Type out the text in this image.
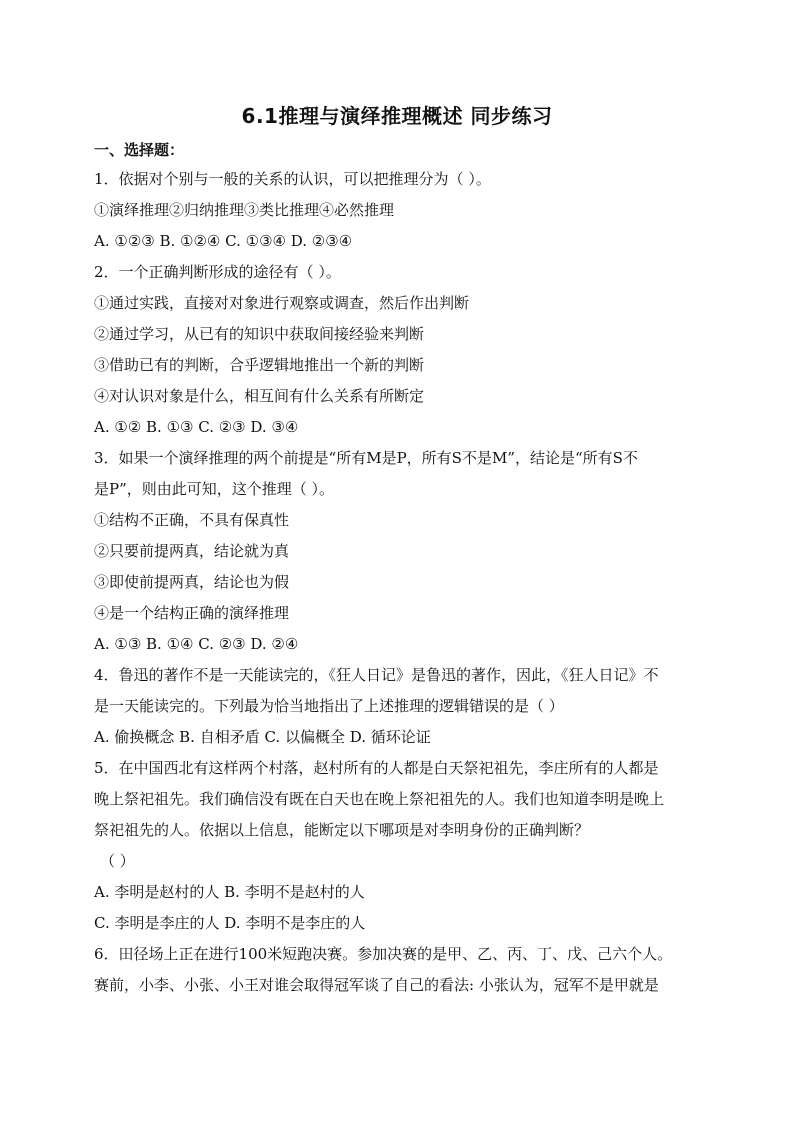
6.1推理与演绎推理概述 同步练习
一、选择题：
1．依据对个别与一般的关系的认识，可以把推理分为（ ）。
①演绎推理②归纳推理③类比推理④必然推理
A. ①②③ B. ①②④ C. ①③④ D. ②③④
2．一个正确判断形成的途径有（ ）。
①通过实践，直接对对象进行观察或调查，然后作出判断
②通过学习，从已有的知识中获取间接经验来判断
③借助已有的判断，合乎逻辑地推出一个新的判断
④对认识对象是什么，相互间有什么关系有所断定
A. ①② B. ①③ C. ②③ D. ③④
3．如果一个演绎推理的两个前提是“所有M是P，所有S不是M”，结论是“所有S不
是P”，则由此可知，这个推理（ ）。
①结构不正确，不具有保真性
②只要前提两真，结论就为真
③即使前提两真，结论也为假
④是一个结构正确的演绎推理
A. ①③ B. ①④ C. ②③ D. ②④
4．鲁迅的著作不是一天能读完的，《狂人日记》是鲁迅的著作，因此，《狂人日记》不
是一天能读完的。下列最为恰当地指出了上述推理的逻辑错误的是（ ）
A. 偷换概念 B. 自相矛盾 C. 以偏概全 D. 循环论证
5．在中国西北有这样两个村落，赵村所有的人都是白天祭祀祖先，李庄所有的人都是
晚上祭祀祖先。我们确信没有既在白天也在晚上祭祀祖先的人。我们也知道李明是晚上
祭祀祖先的人。依据以上信息，能断定以下哪项是对李明身份的正确判断？
（ ）
A. 李明是赵村的人 B. 李明不是赵村的人
C. 李明是李庄的人 D. 李明不是李庄的人
6．田径场上正在进行100米短跑决赛。参加决赛的是甲、乙、丙、丁、戊、己六个人。
赛前，小李、小张、小王对谁会取得冠军谈了自己的看法: 小张认为，冠军不是甲就是
